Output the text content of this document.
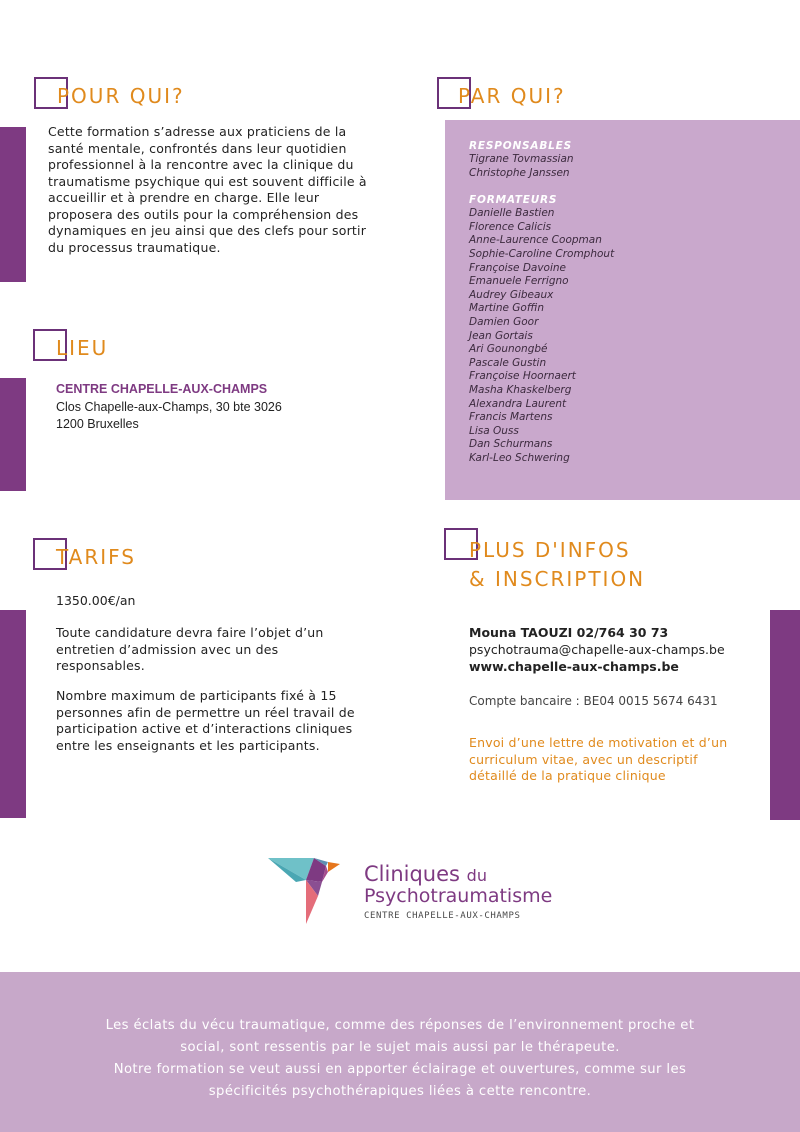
POUR QUI?
Cette formation s’adresse aux praticiens de la santé mentale, confrontés dans leur quotidien professionnel à la rencontre avec la clinique du traumatisme psychique qui est souvent difficile à accueillir et à prendre en charge. Elle leur proposera des outils pour la compréhension des dynamiques en jeu ainsi que des clefs pour sortir du processus traumatique.
PAR QUI?
RESPONSABLES
Tigrane Tovmassian
Christophe Janssen
FORMATEURS
Danielle Bastien
Florence Calicis
Anne-Laurence Coopman
Sophie-Caroline Cromphout
Françoise Davoine
Emanuele Ferrigno
Audrey Gibeaux
Martine Goffin
Damien Goor
Jean Gortais
Ari Gounongbé
Pascale Gustin
Françoise Hoornaert
Masha Khaskelberg
Alexandra Laurent
Francis Martens
Lisa Ouss
Dan Schurmans
Karl-Leo Schwering
LIEU
CENTRE CHAPELLE-AUX-CHAMPS
Clos Chapelle-aux-Champs, 30 bte 3026
1200 Bruxelles
TARIFS
1350.00€/an
Toute candidature devra faire l’objet d’un entretien d’admission avec un des responsables.
Nombre maximum de participants fixé à 15 personnes afin de permettre un réel travail de participation active et d’interactions cliniques entre les enseignants et les participants.
PLUS D'INFOS
& INSCRIPTION
Mouna TAOUZI 02/764 30 73
psychotrauma@chapelle-aux-champs.be
www.chapelle-aux-champs.be
Compte bancaire : BE04 0015 5674 6431
Envoi d’une lettre de motivation et d’un curriculum vitae, avec un descriptif détaillé de la pratique clinique
Cliniques du
Psychotraumatisme
CENTRE CHAPELLE-AUX-CHAMPS
Les éclats du vécu traumatique, comme des réponses de l’environnement proche et
social, sont ressentis par le sujet mais aussi par le thérapeute.
Notre formation se veut aussi en apporter éclairage et ouvertures, comme sur les
spécificités psychothérapiques liées à cette rencontre.
